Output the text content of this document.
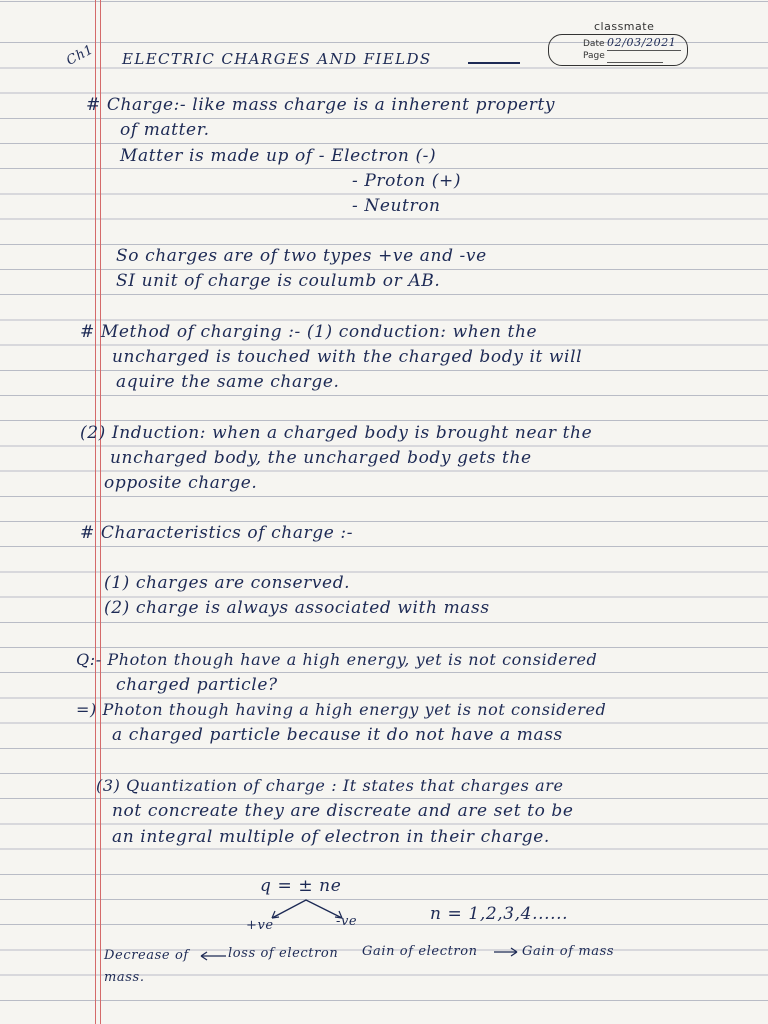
classmate
Date 02/03/2021
Page
Ch1 ELECTRIC CHARGES AND FIELDS
# Charge:- like mass charge is a inherent property
of matter.
Matter is made up of - Electron (-)
- Proton (+)
- Neutron
So charges are of two types +ve and -ve
SI unit of charge is coulumb or AB.
# Method of charging :- (1) conduction: when the
uncharged is touched with the charged body it will
aquire the same charge.
(2) Induction: when a charged body is brought near the
uncharged body, the uncharged body gets the
opposite charge.
# Characteristics of charge :-
(1) charges are conserved.
(2) charge is always associated with mass
Q:- Photon though have a high energy, yet is not considered
charged particle?
=) Photon though having a high energy yet is not considered
a charged particle because it do not have a mass
(3) Quantization of charge : It states that charges are
not concreate they are discreate and are set to be
an integral multiple of electron in their charge.
q = ± ne
+ve	-ve	n = 1,2,3,4......
Decrease of	loss of electron Gain of electron	Gain of mass
mass.
